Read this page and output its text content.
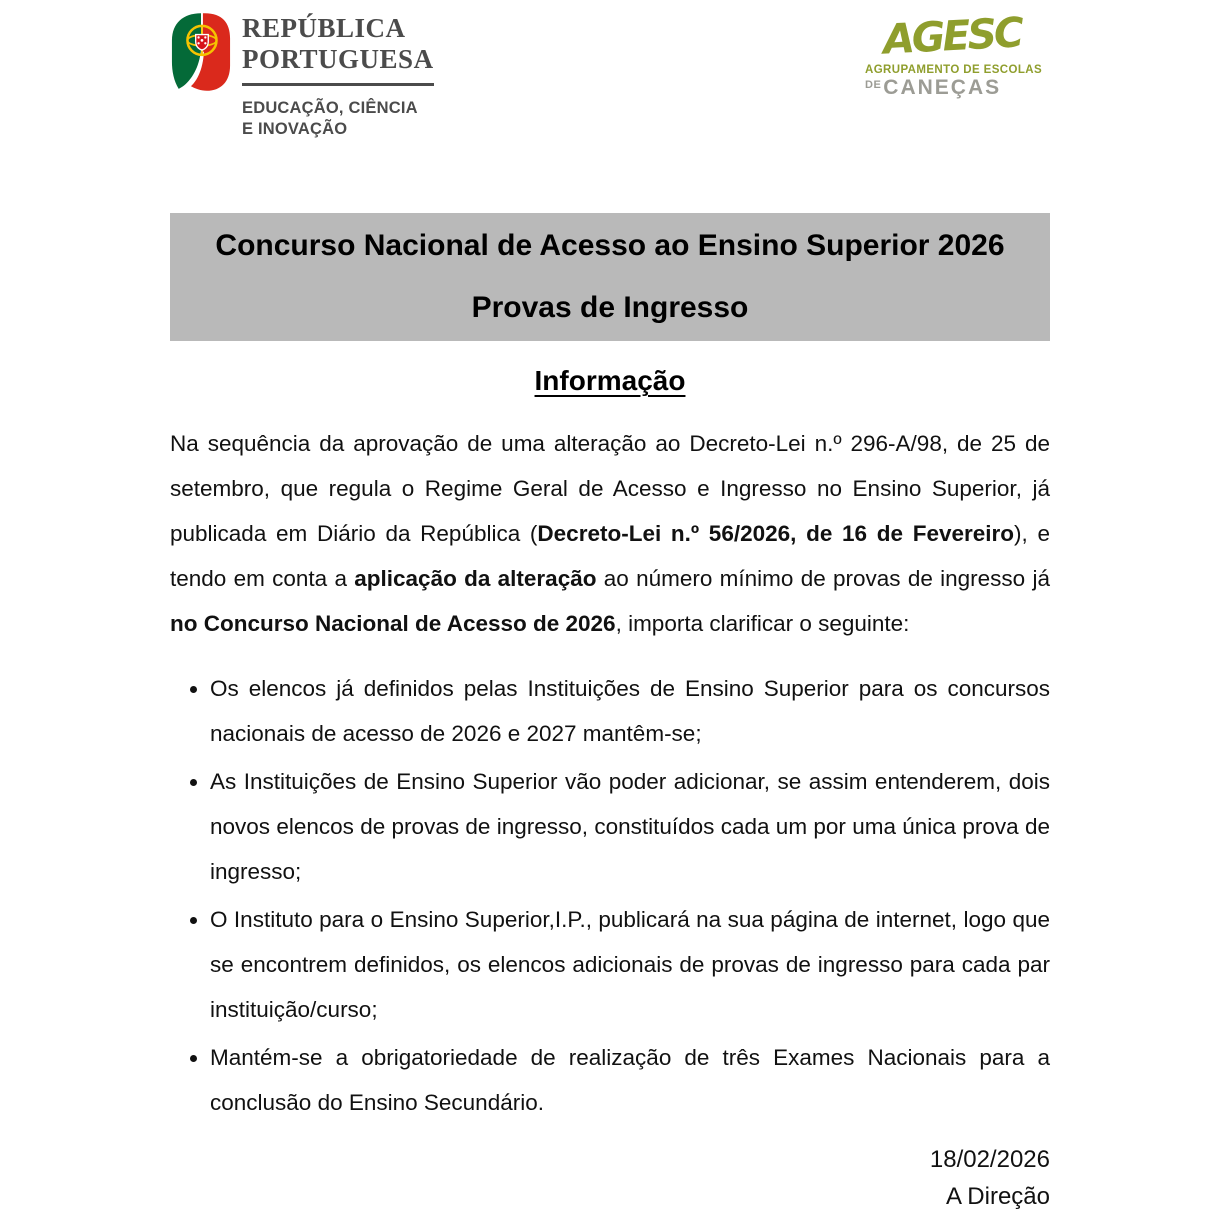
REPÚBLICA
PORTUGUESA
EDUCAÇÃO, CIÊNCIA
E INOVAÇÃO
AGESC
AGRUPAMENTO DE ESCOLAS
$^{DE}$CANEÇAS
Concurso Nacional de Acesso ao Ensino Superior 2026
Provas de Ingresso
Informação

Na sequência da aprovação de uma alteração ao Decreto-Lei n.º 296-A/98, de 25 de setembro, que regula o Regime Geral de Acesso e Ingresso no Ensino Superior, já publicada em Diário da República (Decreto-Lei n.º 56/2026, de 16 de Fevereiro), e tendo em conta a aplicação da alteração ao número mínimo de provas de ingresso já no Concurso Nacional de Acesso de 2026, importa clarificar o seguinte:

• Os elencos já definidos pelas Instituições de Ensino Superior para os concursos nacionais de acesso de 2026 e 2027 mantêm-se;
• As Instituições de Ensino Superior vão poder adicionar, se assim entenderem, dois novos elencos de provas de ingresso, constituídos cada um por uma única prova de ingresso;
• O Instituto para o Ensino Superior,I.P., publicará na sua página de internet, logo que se encontrem definidos, os elencos adicionais de provas de ingresso para cada par instituição/curso;
• Mantém-se a obrigatoriedade de realização de três Exames Nacionais para a conclusão do Ensino Secundário.
18/02/2026
A Direção
